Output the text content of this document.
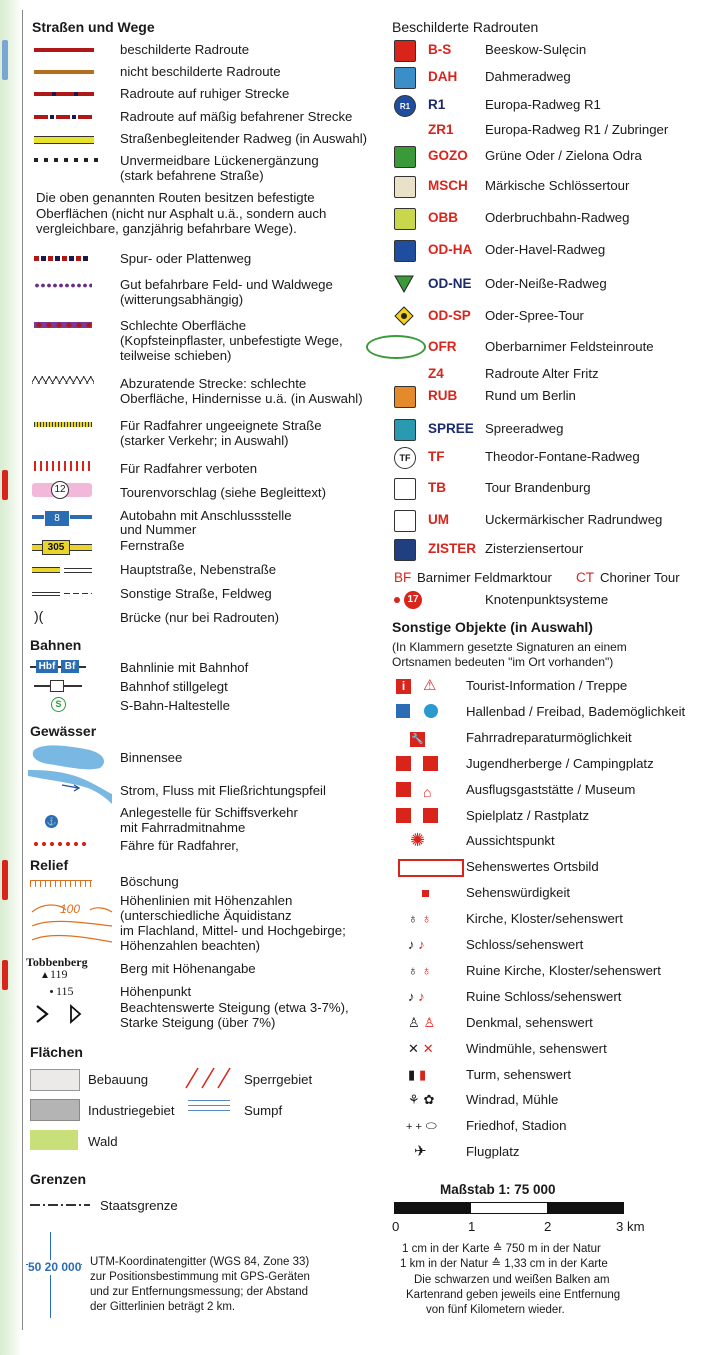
Straßen und Wege
beschilderte Radroute
nicht beschilderte Radroute
Radroute auf ruhiger Strecke
Radroute auf mäßig befahrener Strecke
Straßenbegleitender Radweg (in Auswahl)
Unvermeidbare Lückenergänzung
(stark befahrene Straße)
Die oben genannten Routen besitzen befestigte
Oberflächen (nicht nur Asphalt u.ä., sondern auch
vergleichbare, ganzjährig befahrbare Wege).
Spur- oder Plattenweg
Gut befahrbare Feld- und Waldwege
(witterungsabhängig)
Schlechte Oberfläche
(Kopfsteinpflaster, unbefestigte Wege,
teilweise schieben)
Abzuratende Strecke: schlechte
Oberfläche, Hindernisse u.ä. (in Auswahl)
Für Radfahrer ungeeignete Straße
(starker Verkehr; in Auswahl)
Für Radfahrer verboten
12	Tourenvorschlag (siehe Begleittext)
8	Autobahn mit Anschlussstelle
und Nummer
305	Fernstraße
Hauptstraße, Nebenstraße
Sonstige Straße, Feldweg
)(	Brücke (nur bei Radrouten)
Bahnen
Hbf Bf	Bahnlinie mit Bahnhof
Bahnhof stillgelegt
S	S-Bahn-Haltestelle
Gewässer
Binnensee
Strom, Fluss mit Fließrichtungspfeil
⚓
Anlegestelle für Schiffsverkehr
mit Fahrradmitnahme
Fähre für Radfahrer,
Relief
Böschung
100
Höhenlinien mit Höhenzahlen
(unterschiedliche Äquidistanz
im Flachland, Mittel- und Hochgebirge;
Höhenzahlen beachten)
Tobbenberg
▲ 119	Berg mit Höhenangabe
115	Höhenpunkt
Beachtenswerte Steigung (etwa 3-7%),
Starke Steigung (über 7%)
Flächen
Bebauung	Sperrgebiet
Industriegebiet	Sumpf
Wald
Grenzen
Staatsgrenze
50 20 000 UTM-Koordinatengitter (WGS 84, Zone 33)
zur Positionsbestimmung mit GPS-Geräten
und zur Entfernungsmessung; der Abstand
der Gitterlinien beträgt 2 km.
Beschilderte Radrouten
B-S	Beeskow-Sulęcin
DAH Dahmeradweg
R1	R1	Europa-Radweg R1
ZR1 Europa-Radweg R1 / Zubringer
GOZO Grüne Oder / Zielona Odra
MSCH Märkische Schlössertour
OBB Oderbruchbahn-Radweg
OD-HA Oder-Havel-Radweg
OD-NE Oder-Neiße-Radweg
OD-SP Oder-Spree-Tour
OFR Oberbarnimer Feldsteinroute
Z4	Radroute Alter Fritz
RUB Rund um Berlin
SPREE Spreeradweg
TF	TF	Theodor-Fontane-Radweg
TB	Tour Brandenburg
UM	Uckermärkischer Radrundweg
ZISTER Zisterziensertour
BF Barnimer Feldmarktour CT Choriner Tour
17	Knotenpunktsysteme
Sonstige Objekte (in Auswahl)
(In Klammern gesetzte Signaturen an einem
Ortsnamen bedeuten "im Ort vorhanden")
i ⚠ Tourist-Information / Treppe
Hallenbad / Freibad, Bademöglichkeit
🔧	Fahrradreparaturmöglichkeit
Jugendherberge / Campingplatz
⌂	Ausflugsgaststätte / Museum
Spielplatz / Rastplatz
✺	Aussichtspunkt
Sehenswertes Ortsbild
Sehenswürdigkeit
♁ ♁	Kirche, Kloster/sehenswert
♪ ♪	Schloss/sehenswert
♁ ♁	Ruine Kirche, Kloster/sehenswert
♪ ♪	Ruine Schloss/sehenswert
♙ ♙ Denkmal, sehenswert
✕ ✕ Windmühle, sehenswert
▮ ▮	Turm, sehenswert
⚘ ✿ Windrad, Mühle
+ + ⬭ Friedhof, Stadion
✈	Flugplatz
Maßstab 1: 75 000
0	1	2	3 km
1 cm in der Karte ≙ 750 m in der Natur
1 km in der Natur ≙ 1,33 cm in der Karte
Die schwarzen und weißen Balken am
Kartenrand geben jeweils eine Entfernung
von fünf Kilometern wieder.
